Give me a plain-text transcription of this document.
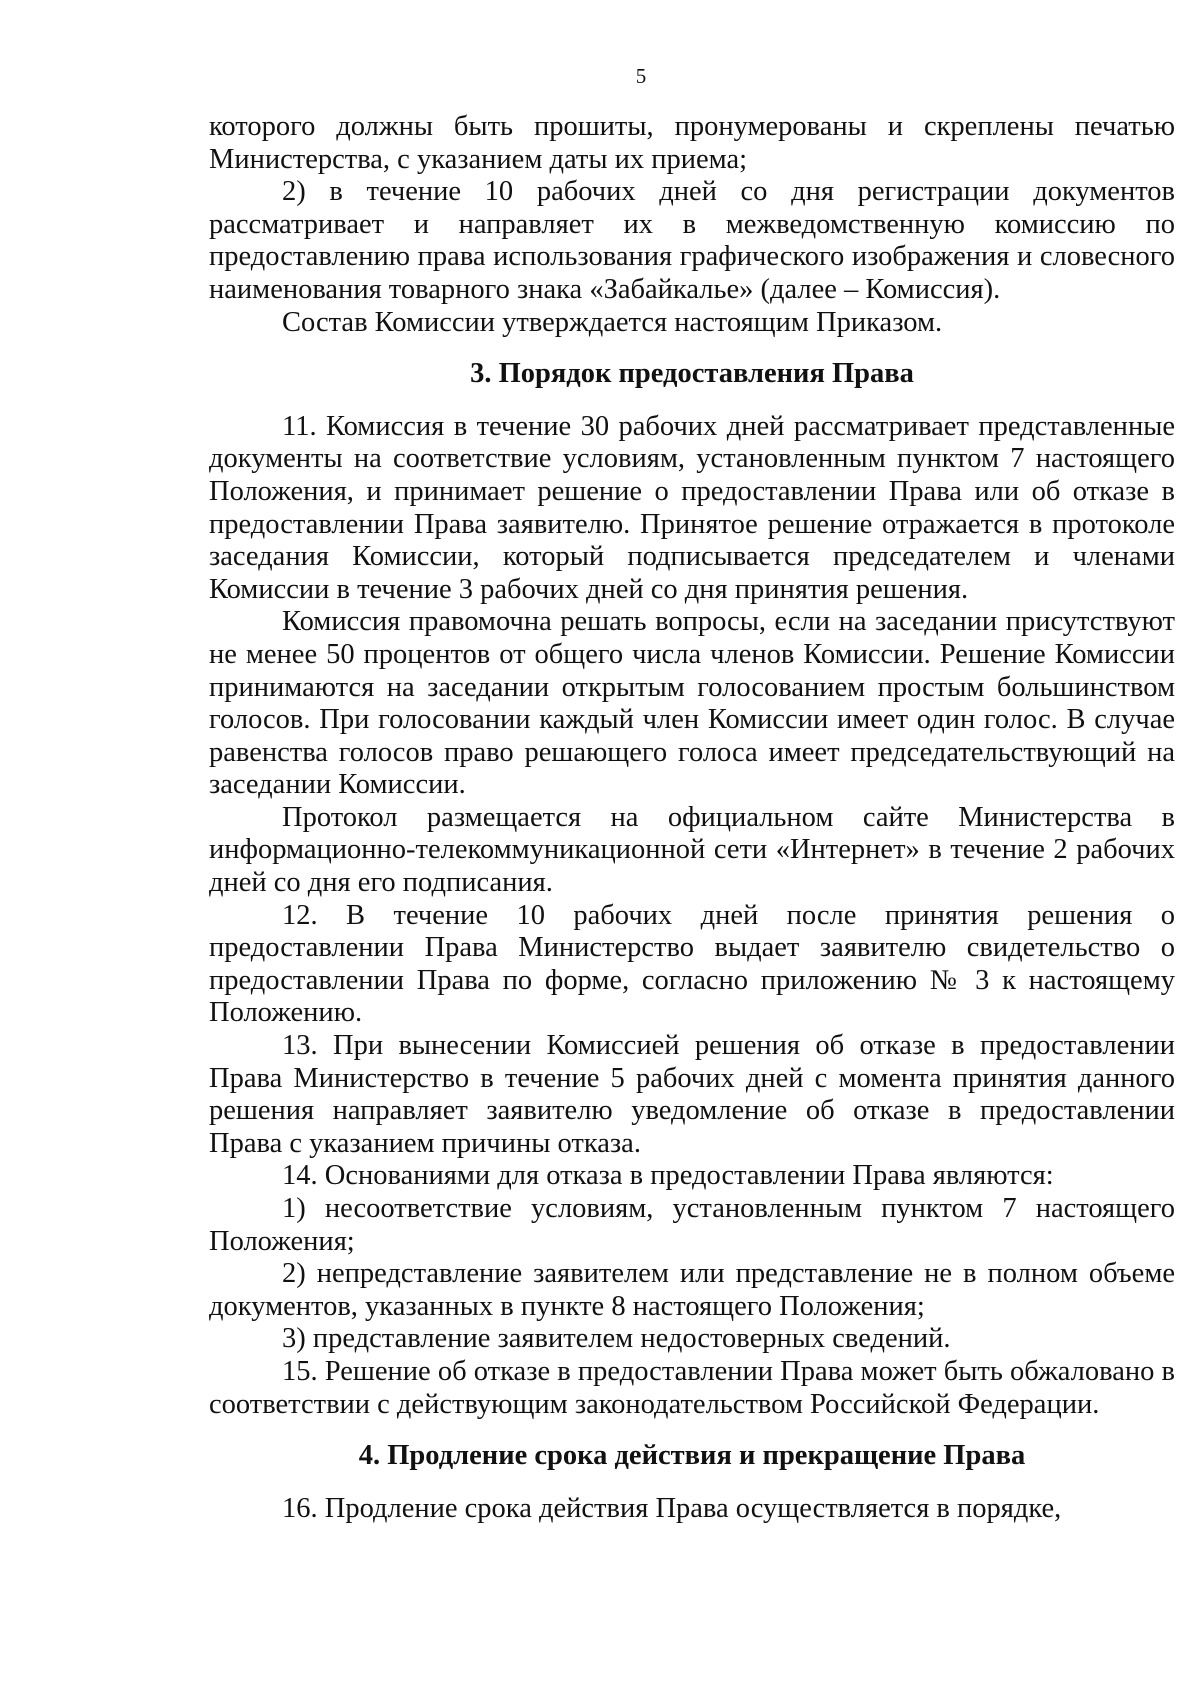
5

которого должны быть прошиты, пронумерованы и скреплены печатью Министерства, с указанием даты их приема;

2) в течение 10 рабочих дней со дня регистрации документов рассматривает и направляет их в межведомственную комиссию по предоставлению права использования графического изображения и словесного наименования товарного знака «Забайкалье» (далее – Комиссия).

Состав Комиссии утверждается настоящим Приказом.

3. Порядок предоставления Права

11. Комиссия в течение 30 рабочих дней рассматривает представленные документы на соответствие условиям, установленным пунктом 7 настоящего Положения, и принимает решение о предоставлении Права или об отказе в предоставлении Права заявителю. Принятое решение отражается в протоколе заседания Комиссии, который подписывается председателем и членами Комиссии в течение 3 рабочих дней со дня принятия решения.

Комиссия правомочна решать вопросы, если на заседании присутствуют не менее 50 процентов от общего числа членов Комиссии. Решение Комиссии принимаются на заседании открытым голосованием простым большинством голосов. При голосовании каждый член Комиссии имеет один голос. В случае равенства голосов право решающего голоса имеет председательствующий на заседании Комиссии.

Протокол размещается на официальном сайте Министерства в информационно-телекоммуникационной сети «Интернет» в течение 2 рабочих дней со дня его подписания.

12. В течение 10 рабочих дней после принятия решения о предоставлении Права Министерство выдает заявителю свидетельство о предоставлении Права по форме, согласно приложению № 3 к настоящему Положению.

13. При вынесении Комиссией решения об отказе в предоставлении Права Министерство в течение 5 рабочих дней с момента принятия данного решения направляет заявителю уведомление об отказе в предоставлении Права с указанием причины отказа.

14. Основаниями для отказа в предоставлении Права являются:

1) несоответствие условиям, установленным пунктом 7 настоящего Положения;

2) непредставление заявителем или представление не в полном объеме документов, указанных в пункте 8 настоящего Положения;

3) представление заявителем недостоверных сведений.

15. Решение об отказе в предоставлении Права может быть обжаловано в соответствии с действующим законодательством Российской Федерации.

4. Продление срока действия и прекращение Права

16. Продление срока действия Права осуществляется в порядке,
